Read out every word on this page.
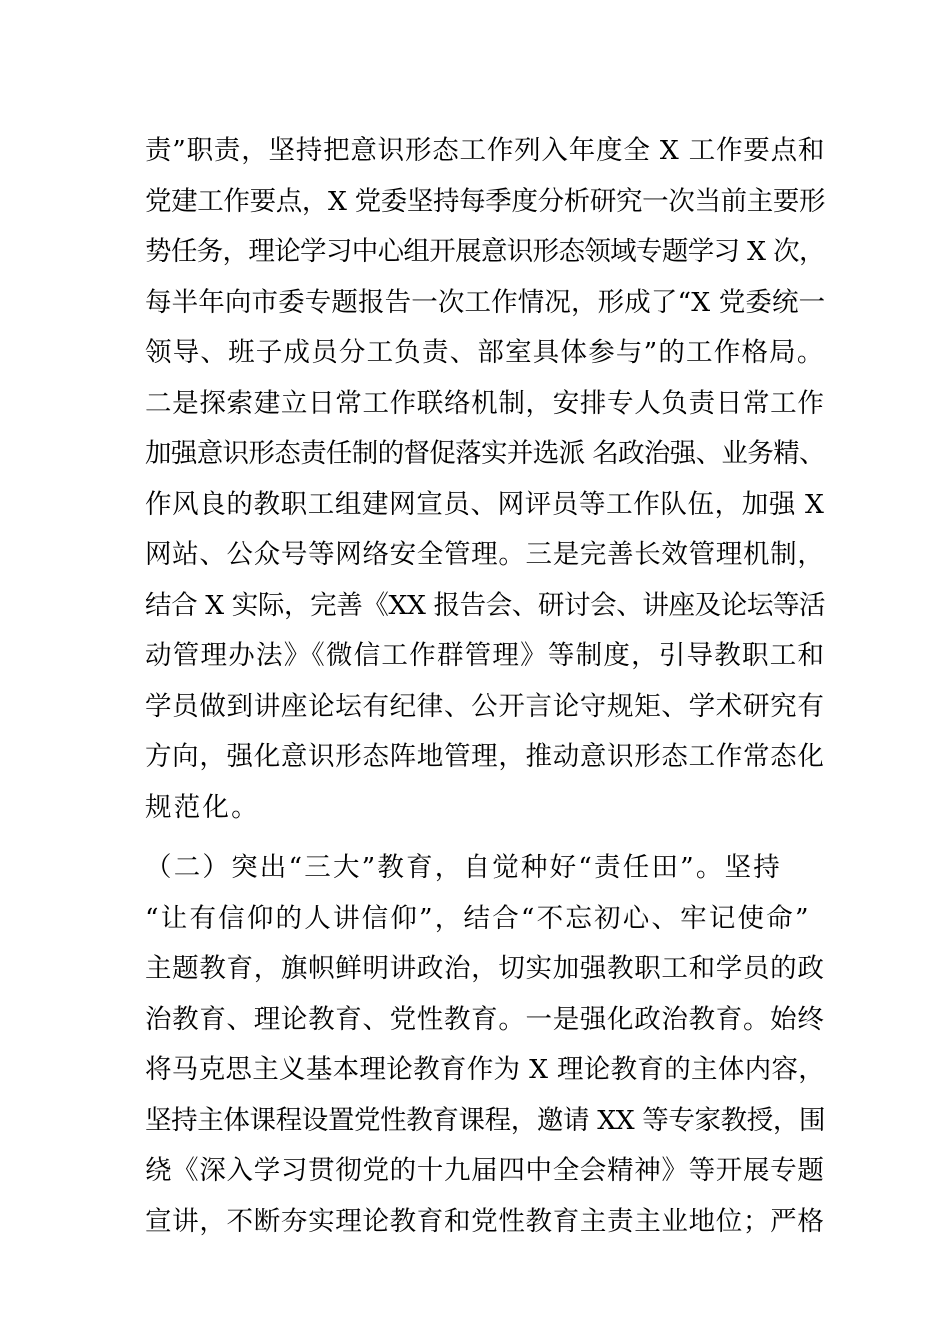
责”职责，坚持把意识形态工作列入年度全 X 工作要点和
党建工作要点，X 党委坚持每季度分析研究一次当前主要形
势任务，理论学习中心组开展意识形态领域专题学习 X 次，
每半年向市委专题报告一次工作情况，形成了“X 党委统一
领导、班子成员分工负责、部室具体参与”的工作格局。
二是探索建立日常工作联络机制，安排专人负责日常工作
加强意识形态责任制的督促落实并选派 名政治强、业务精、
作风良的教职工组建网宣员、网评员等工作队伍，加强 X
网站、公众号等网络安全管理。三是完善长效管理机制，
结合 X 实际，完善《XX 报告会、研讨会、讲座及论坛等活
动管理办法》《微信工作群管理》等制度，引导教职工和
学员做到讲座论坛有纪律、公开言论守规矩、学术研究有
方向，强化意识形态阵地管理，推动意识形态工作常态化
规范化。
（二）突出“三大”教育，自觉种好“责任田”。坚持
“让有信仰的人讲信仰”，结合“不忘初心、牢记使命”
主题教育，旗帜鲜明讲政治，切实加强教职工和学员的政
治教育、理论教育、党性教育。一是强化政治教育。始终
将马克思主义基本理论教育作为 X 理论教育的主体内容，
坚持主体课程设置党性教育课程，邀请 XX 等专家教授，围
绕《深入学习贯彻党的十九届四中全会精神》等开展专题
宣讲，不断夯实理论教育和党性教育主责主业地位；严格
